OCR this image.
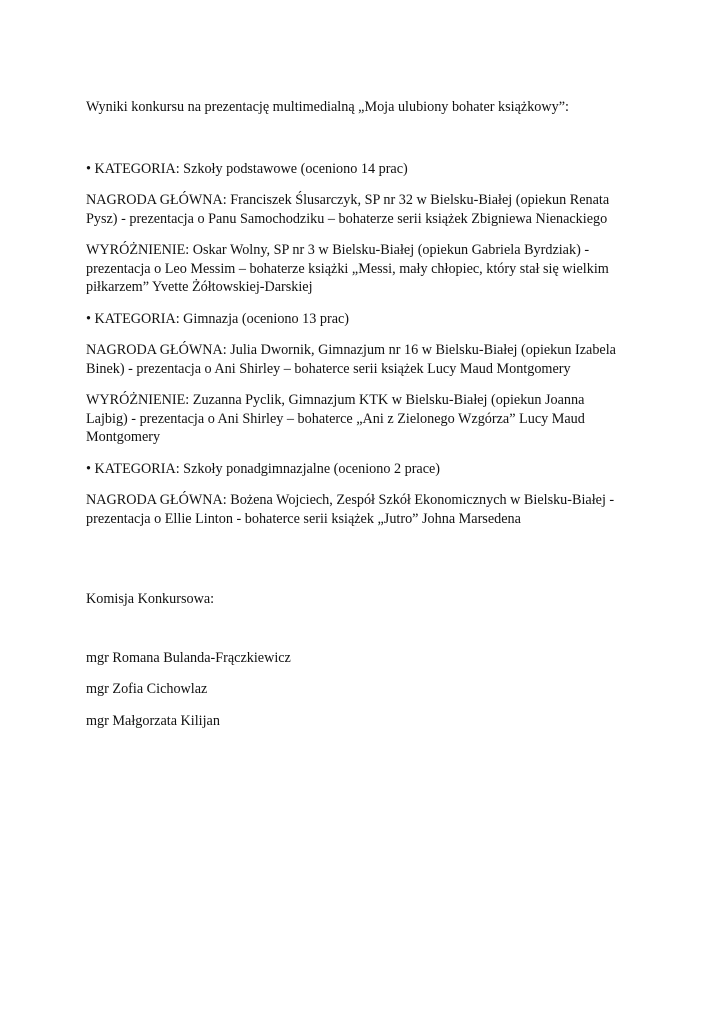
Wyniki konkursu na prezentację multimedialną „Moja ulubiony bohater książkowy”:

• KATEGORIA: Szkoły podstawowe (oceniono 14 prac)

NAGRODA GŁÓWNA: Franciszek Ślusarczyk, SP nr 32 w Bielsku-Białej (opiekun Renata
Pysz) - prezentacja o Panu Samochodziku – bohaterze serii książek Zbigniewa Nienackiego

WYRÓŻNIENIE: Oskar Wolny, SP nr 3 w Bielsku-Białej (opiekun Gabriela Byrdziak) -
prezentacja o Leo Messim – bohaterze książki „Messi, mały chłopiec, który stał się wielkim
piłkarzem” Yvette Żółtowskiej-Darskiej

• KATEGORIA: Gimnazja (oceniono 13 prac)

NAGRODA GŁÓWNA: Julia Dwornik, Gimnazjum nr 16 w Bielsku-Białej (opiekun Izabela
Binek) - prezentacja o Ani Shirley – bohaterce serii książek Lucy Maud Montgomery

WYRÓŻNIENIE: Zuzanna Pyclik, Gimnazjum KTK w Bielsku-Białej (opiekun Joanna
Lajbig) - prezentacja o Ani Shirley – bohaterce „Ani z Zielonego Wzgórza” Lucy Maud
Montgomery

• KATEGORIA: Szkoły ponadgimnazjalne (oceniono 2 prace)

NAGRODA GŁÓWNA: Bożena Wojciech, Zespół Szkół Ekonomicznych w Bielsku-Białej -
prezentacja o Ellie Linton - bohaterce serii książek „Jutro” Johna Marsedena

Komisja Konkursowa:

mgr Romana Bulanda-Frączkiewicz

mgr Zofia Cichowlaz

mgr Małgorzata Kilijan
